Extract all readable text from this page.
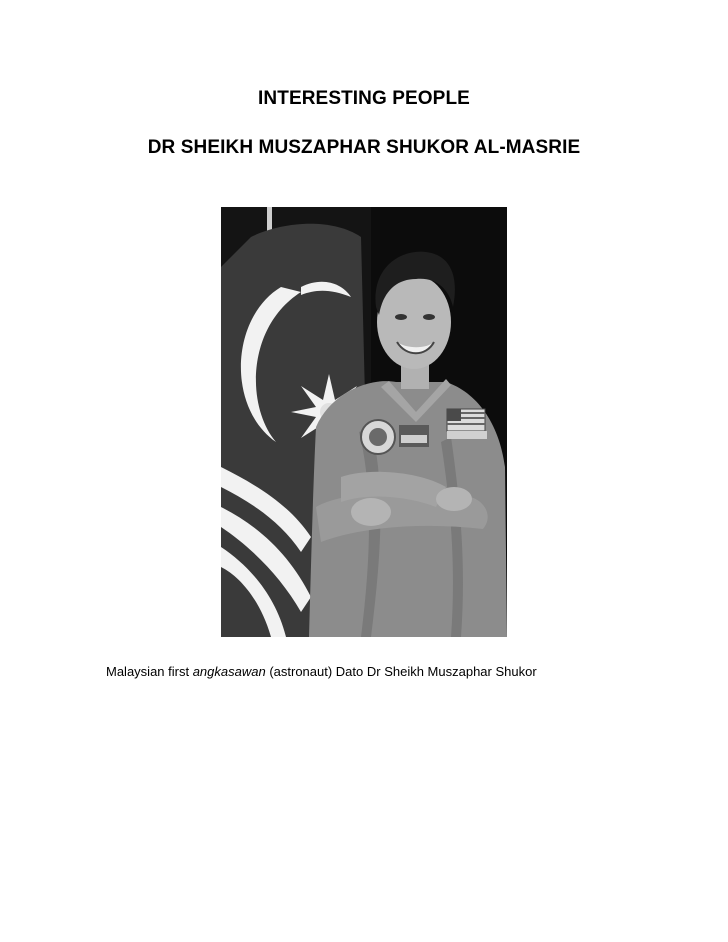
INTERESTING PEOPLE
DR SHEIKH MUSZAPHAR SHUKOR AL-MASRIE
Malaysian first angkasawan (astronaut) Dato Dr Sheikh Muszaphar Shukor
